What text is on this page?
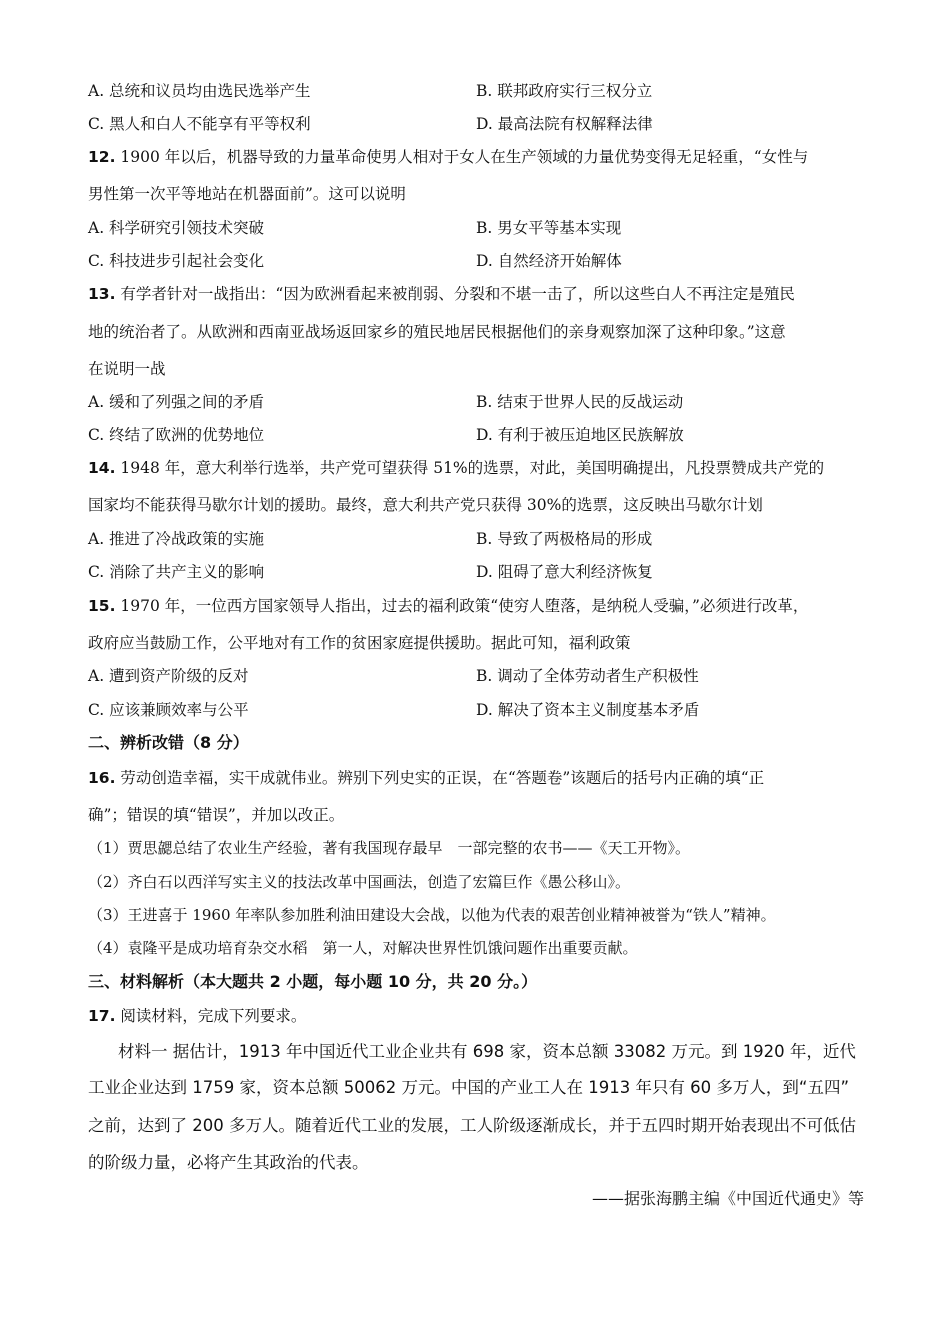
A. 总统和议员均由选民选举产生	B. 联邦政府实行三权分立
C. 黑人和白人不能享有平等权利	D. 最高法院有权解释法律
12. 1900 年以后，机器导致的力量革命使男人相对于女人在生产领域的力量优势变得无足轻重，“女性与
男性第一次平等地站在机器面前”。这可以说明
A. 科学研究引领技术突破	B. 男女平等基本实现
C. 科技进步引起社会变化	D. 自然经济开始解体
13. 有学者针对一战指出：“因为欧洲看起来被削弱、分裂和不堪一击了，所以这些白人不再注定是殖民
地的统治者了。从欧洲和西南亚战场返回家乡的殖民地居民根据他们的亲身观察加深了这种印象。”这意
在说明一战
A. 缓和了列强之间的矛盾	B. 结束于世界人民的反战运动
C. 终结了欧洲的优势地位	D. 有利于被压迫地区民族解放
14. 1948 年，意大利举行选举，共产党可望获得 51%的选票，对此，美国明确提出，凡投票赞成共产党的
国家均不能获得马歇尔计划的援助。最终，意大利共产党只获得 30%的选票，这反映出马歇尔计划
A. 推进了冷战政策的实施	B. 导致了两极格局的形成
C. 消除了共产主义的影响	D. 阻碍了意大利经济恢复
15. 1970 年，一位西方国家领导人指出，过去的福利政策“使穷人堕落，是纳税人受骗，”必须进行改革，
政府应当鼓励工作，公平地对有工作的贫困家庭提供援助。据此可知，福利政策
A. 遭到资产阶级的反对	B. 调动了全体劳动者生产积极性
C. 应该兼顾效率与公平	D. 解决了资本主义制度基本矛盾
二、辨析改错（8 分）
16. 劳动创造幸福，实干成就伟业。辨别下列史实的正误，在“答题卷”该题后的括号内正确的填“正
确”；错误的填“错误”，并加以改正。
（1）贾思勰总结了农业生产经验，著有我国现存最早　一部完整的农书——《天工开物》。
（2）齐白石以西洋写实主义的技法改革中国画法，创造了宏篇巨作《愚公移山》。
（3）王进喜于 1960 年率队参加胜利油田建设大会战，以他为代表的艰苦创业精神被誉为“铁人”精神。
（4）袁隆平是成功培育杂交水稻　第一人，对解决世界性饥饿问题作出重要贡献。
三、材料解析（本大题共 2 小题，每小题 10 分，共 20 分。）
17. 阅读材料，完成下列要求。
材料一 据估计，1913 年中国近代工业企业共有 698 家，资本总额 33082 万元。到 1920 年，近代
工业企业达到 1759 家，资本总额 50062 万元。中国的产业工人在 1913 年只有 60 多万人，到“五四”
之前，达到了 200 多万人。随着近代工业的发展，工人阶级逐渐成长，并于五四时期开始表现出不可低估
的阶级力量，必将产生其政治的代表。
——据张海鹏主编《中国近代通史》等
